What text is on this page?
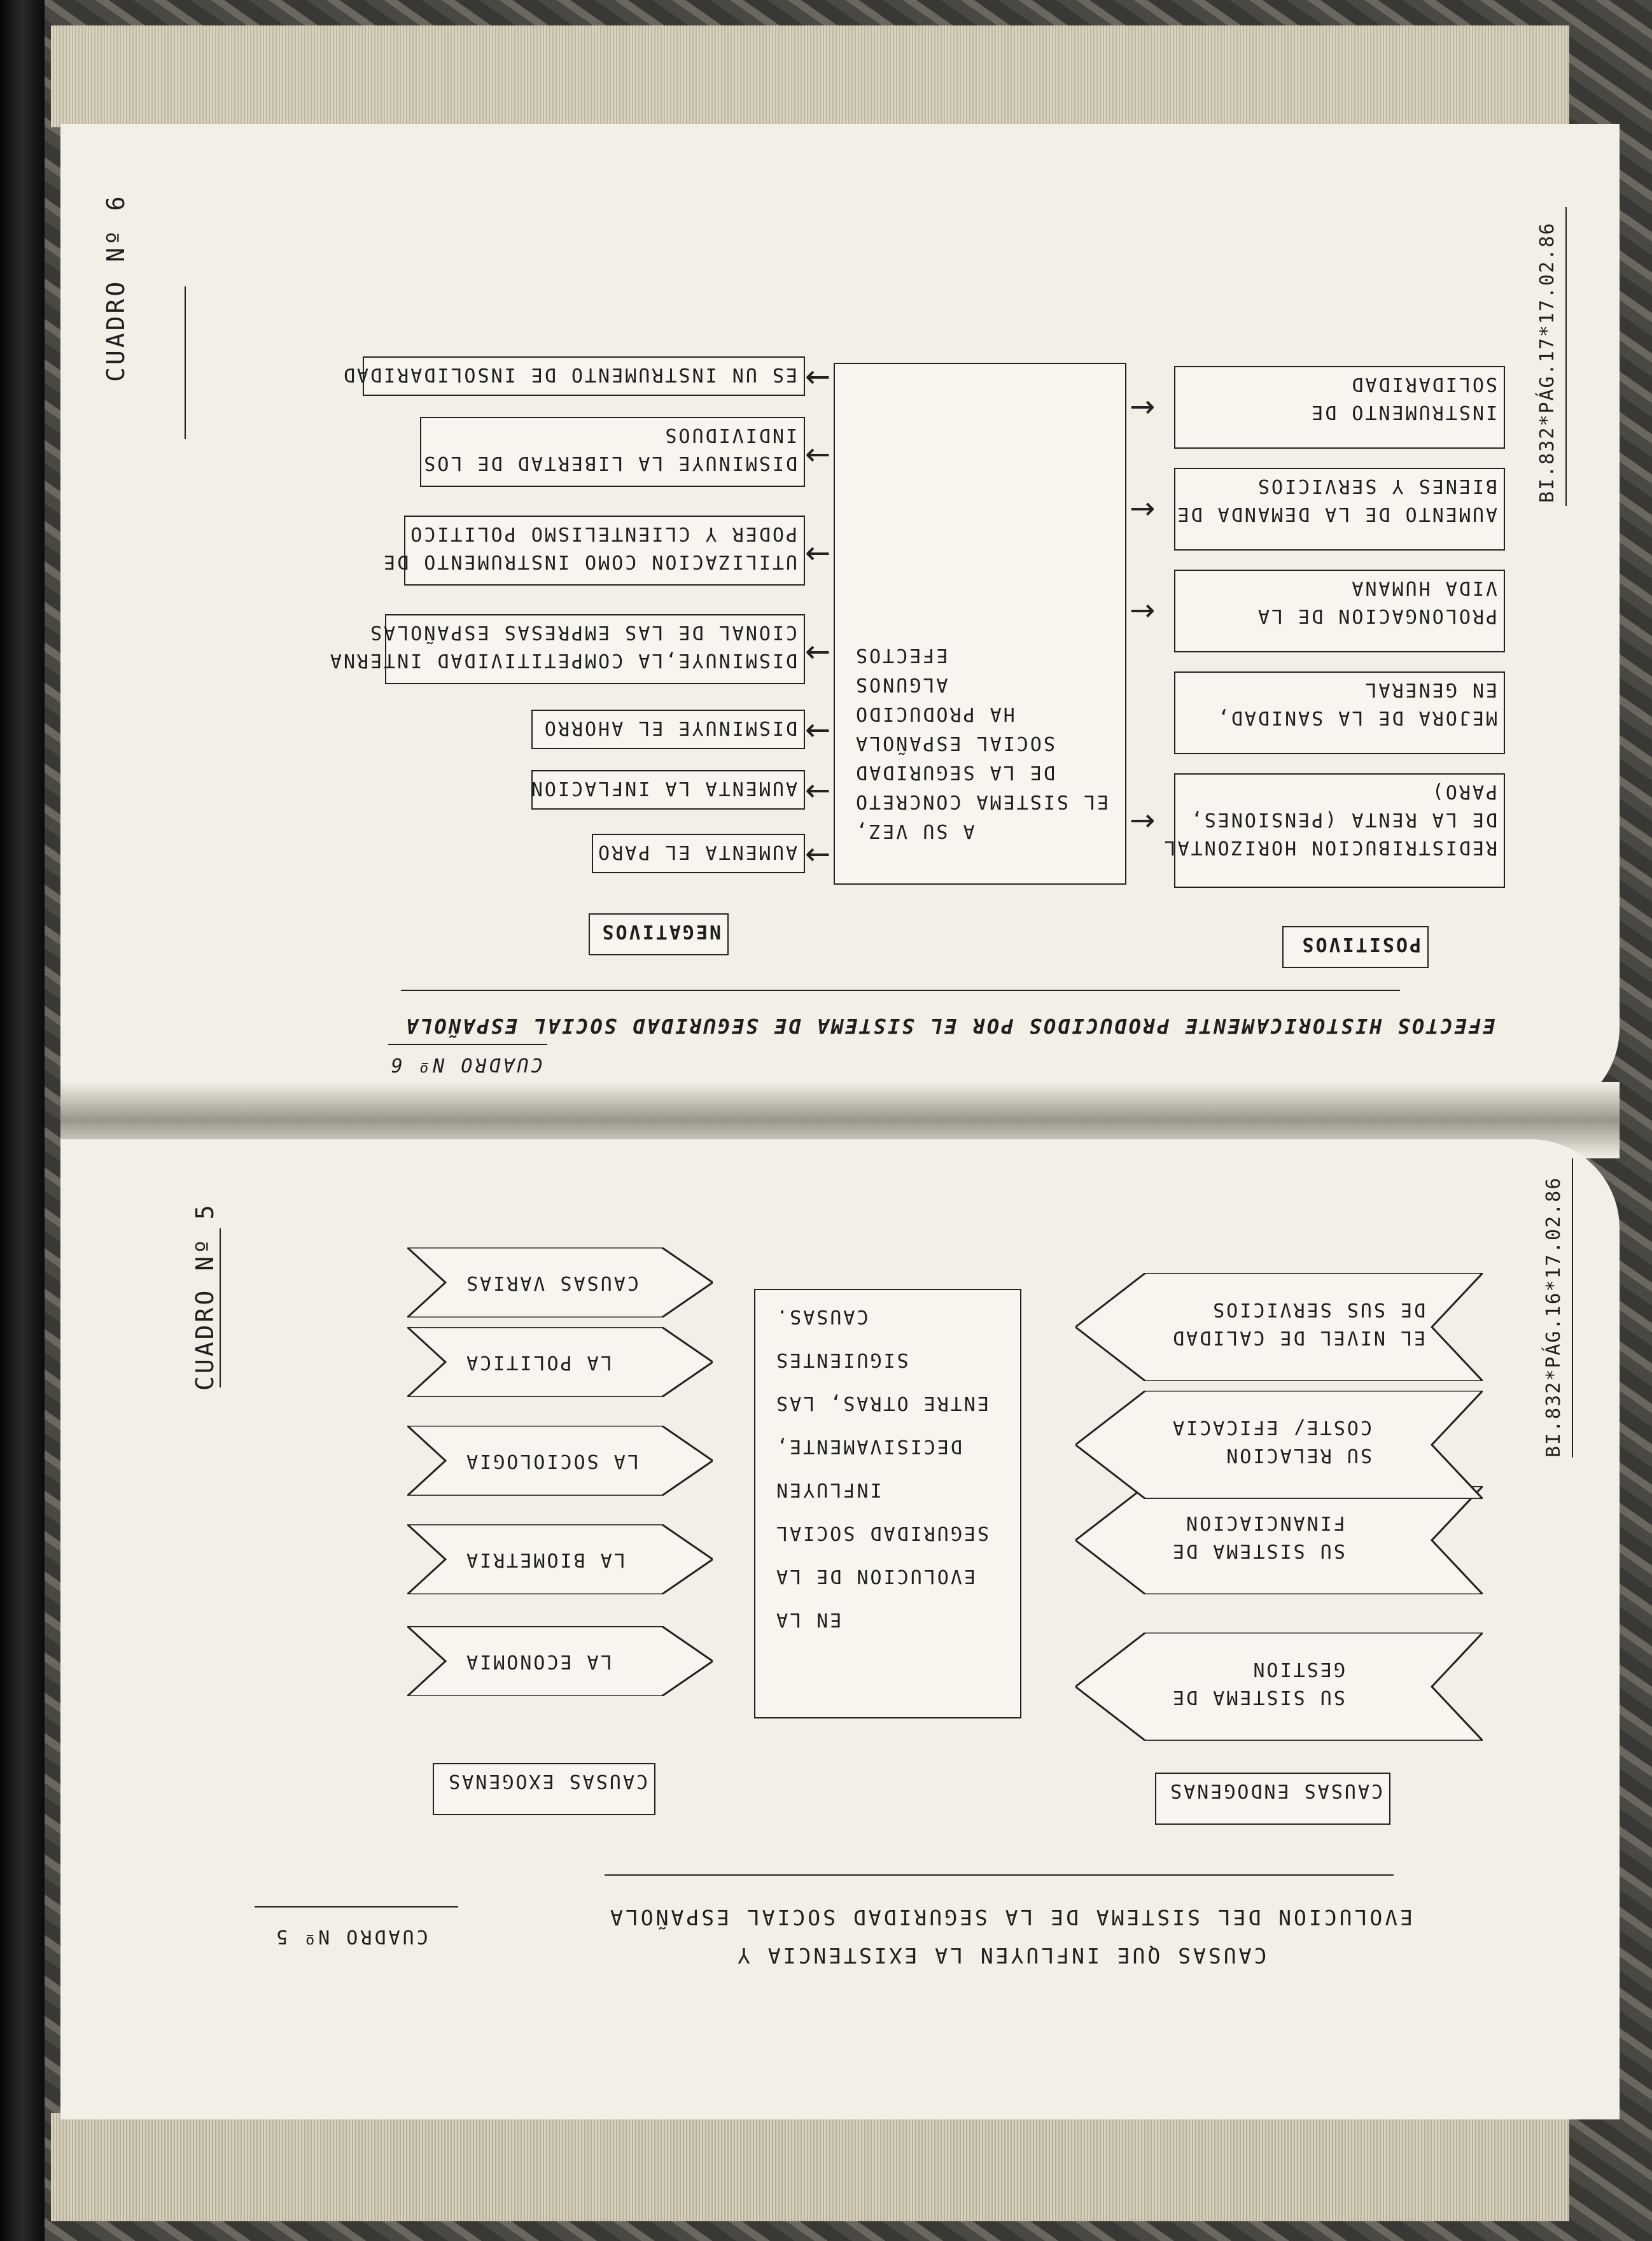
CUADRO Nº 6	BI.832*PÁG.17*17.02.86
CUADRO Nº 6
EFECTOS HISTORICAMENTE PRODUCIDOS POR EL SISTEMA DE SEGURIDAD SOCIAL ESPAÑOLA
POSITIVOS
NEGATIVOS
A SU VEZ,
EL SISTEMA CONCRETO
DE LA SEGURIDAD
SOCIAL ESPAÑOLA
HA PRODUCIDO
ALGUNOS
EFECTOS
REDISTRIBUCION HORIZONTAL
DE LA RENTA (PENSIONES,
PARO)
MEJORA DE LA SANIDAD,
EN GENERAL
PROLONGACION DE LA
VIDA HUMANA
AUMENTO DE LA DEMANDA DE
BIENES Y SERVICIOS
INSTRUMENTO DE
SOLIDARIDAD
→
→
→
→
AUMENTA EL PARO
AUMENTA LA INFLACION
DISMINUYE EL AHORRO
DISMINUYE,LA COMPETITIVIDAD
CIONAL DE LAS EMPRESAS ESPAÑOLAS
UTILIZACION COMO INSTRUMENTO
PODER Y CLIENTELISMO POLITICO
DISMINUYE LA LIBERTAD DE LOS
INDIVIDUOS
ES UN INSTRUMENTO DE INSOLIDARIDAD
←
←
←
←
←
←
←
CUADRO Nº 5	BI.832*PÁG.16*17.02.86
CAUSAS QUE INFLUYEN LA EXISTENCIA Y
EVOLUCION DEL SISTEMA DE LA SEGURIDAD SOCIAL ESPAÑOLA
CUADRO Nº 5
CAUSAS ENDOGENAS
CAUSAS EXOGENAS
EN LA

EVOLUCION DE LA

SEGURIDAD SOCIAL

INFLUYEN

DECISIVAMENTE,

ENTRE OTRAS, LAS

SIGUIENTES

CAUSAS.
SU SISTEMA DE
GESTION
SU SISTEMA DE
FINANCIACION
SU RELACION
COSTE/ EFICACIA
EL NIVEL DE CALIDAD
DE SUS SERVICIOS
LA ECONOMIA
LA BIOMETRIA
LA SOCIOLOGIA
LA POLITICA
CAUSAS VARIAS
